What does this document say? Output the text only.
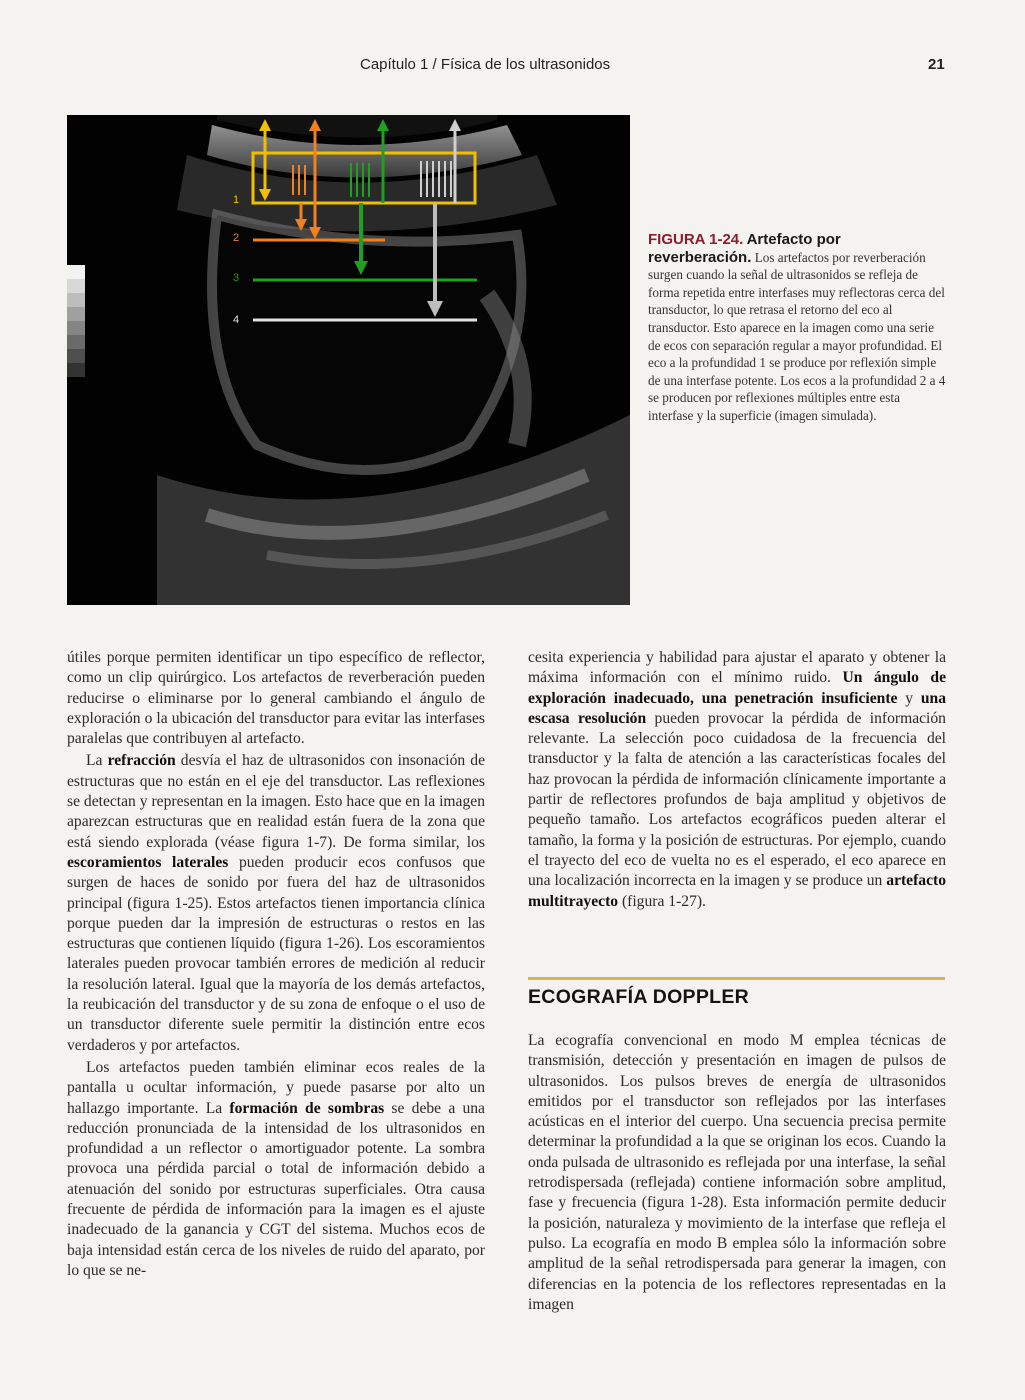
Capítulo 1 / Física de los ultrasonidos	21
1
2
3
4
FIGURA 1-24. Artefacto por reverberación. Los artefactos por reverberación surgen cuando la señal de ultrasonidos se refleja de forma repetida entre interfases muy reflectoras cerca del transductor, lo que retrasa el retorno del eco al transductor. Esto aparece en la imagen como una serie de ecos con separación regular a mayor profundidad. El eco a la profundidad 1 se produce por reflexión simple de una interfase potente. Los ecos a la profundidad 2 a 4 se producen por reflexiones múltiples entre esta interfase y la superficie (imagen simulada).

útiles porque permiten identificar un tipo específico de reflector, como un clip quirúrgico. Los artefactos de reverberación pueden reducirse o eliminarse por lo general cambiando el ángulo de exploración o la ubicación del transductor para evitar las interfases paralelas que contribuyen al artefacto.

La refracción desvía el haz de ultrasonidos con insonación de estructuras que no están en el eje del transductor. Las reflexiones se detectan y representan en la imagen. Esto hace que en la imagen aparezcan estructuras que en realidad están fuera de la zona que está siendo explorada (véase figura 1-7). De forma similar, los escoramientos laterales pueden producir ecos confusos que surgen de haces de sonido por fuera del haz de ultrasonidos principal (figura 1-25). Estos artefactos tienen importancia clínica porque pueden dar la impresión de estructuras o restos en las estructuras que contienen líquido (figura 1-26). Los escoramientos laterales pueden provocar también errores de medición al reducir la resolución lateral. Igual que la mayoría de los demás artefactos, la reubicación del transductor y de su zona de enfoque o el uso de un transductor diferente suele permitir la distinción entre ecos verdaderos y por artefactos.

Los artefactos pueden también eliminar ecos reales de la pantalla u ocultar información, y puede pasarse por alto un hallazgo importante. La formación de sombras se debe a una reducción pronunciada de la intensidad de los ultrasonidos en profundidad a un reflector o amortiguador potente. La sombra provoca una pérdida parcial o total de información debido a atenuación del sonido por estructuras superficiales. Otra causa frecuente de pérdida de información para la imagen es el ajuste inadecuado de la ganancia y CGT del sistema. Muchos ecos de baja intensidad están cerca de los niveles de ruido del aparato, por lo que se ne-

cesita experiencia y habilidad para ajustar el aparato y obtener la máxima información con el mínimo ruido. Un ángulo de exploración inadecuado, una penetración insuficiente y una escasa resolución pueden provocar la pérdida de información relevante. La selección poco cuidadosa de la frecuencia del transductor y la falta de atención a las características focales del haz provocan la pérdida de información clínicamente importante a partir de reflectores profundos de baja amplitud y objetivos de pequeño tamaño. Los artefactos ecográficos pueden alterar el tamaño, la forma y la posición de estructuras. Por ejemplo, cuando el trayecto del eco de vuelta no es el esperado, el eco aparece en una localización incorrecta en la imagen y se produce un artefacto multitrayecto (figura 1-27).

ECOGRAFÍA DOPPLER

La ecografía convencional en modo M emplea técnicas de transmisión, detección y presentación en imagen de pulsos de ultrasonidos. Los pulsos breves de energía de ultrasonidos emitidos por el transductor son reflejados por las interfases acústicas en el interior del cuerpo. Una secuencia precisa permite determinar la profundidad a la que se originan los ecos. Cuando la onda pulsada de ultrasonido es reflejada por una interfase, la señal retrodispersada (reflejada) contiene información sobre amplitud, fase y frecuencia (figura 1-28). Esta información permite deducir la posición, naturaleza y movimiento de la interfase que refleja el pulso. La ecografía en modo B emplea sólo la información sobre amplitud de la señal retrodispersada para generar la imagen, con diferencias en la potencia de los reflectores representadas en la imagen
